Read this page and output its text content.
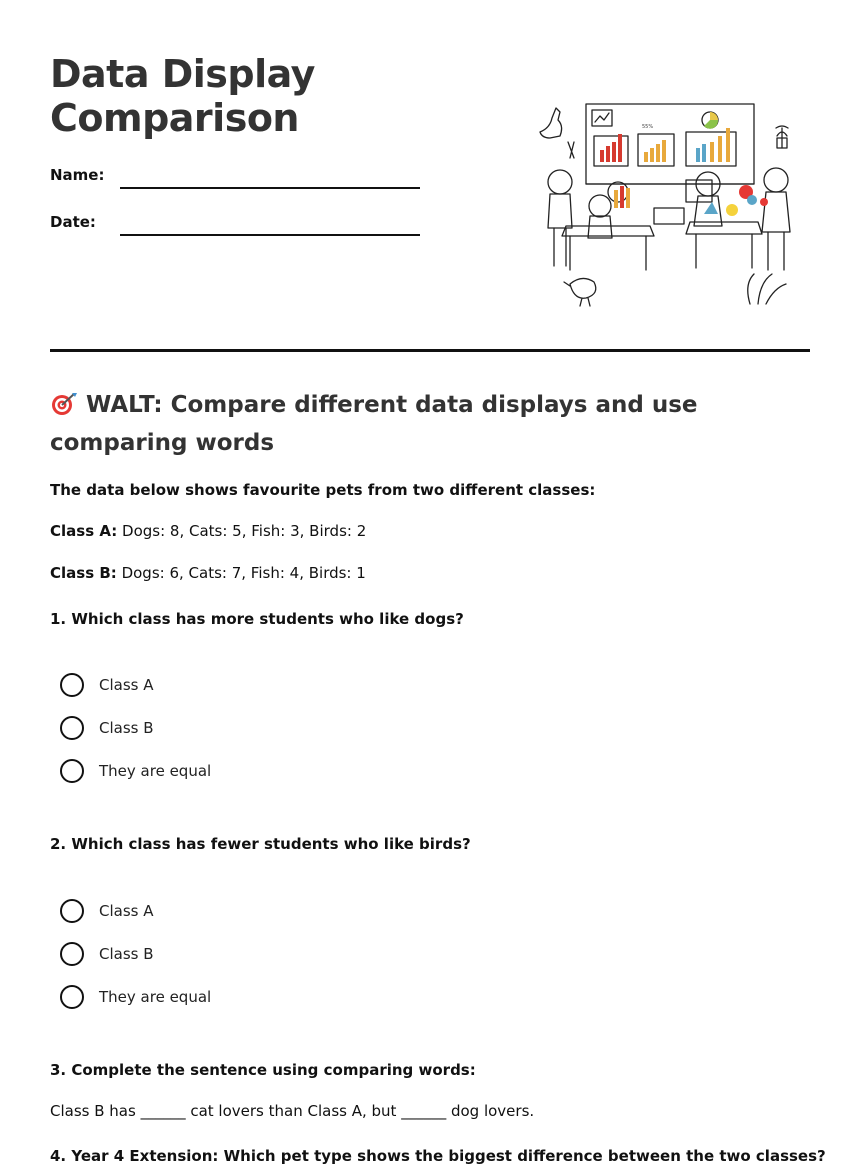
Data Display
Comparison
Name:
Date:
55%
WALT: Compare different data displays and use comparing words
The data below shows favourite pets from two different classes:
Class A: Dogs: 8, Cats: 5, Fish: 3, Birds: 2
Class B: Dogs: 6, Cats: 7, Fish: 4, Birds: 1
1. Which class has more students who like dogs?
Class A
Class B
They are equal
2. Which class has fewer students who like birds?
Class A
Class B
They are equal
3. Complete the sentence using comparing words:
Class B has ______ cat lovers than Class A, but ______ dog lovers.
4. Year 4 Extension: Which pet type shows the biggest difference between the two classes?
